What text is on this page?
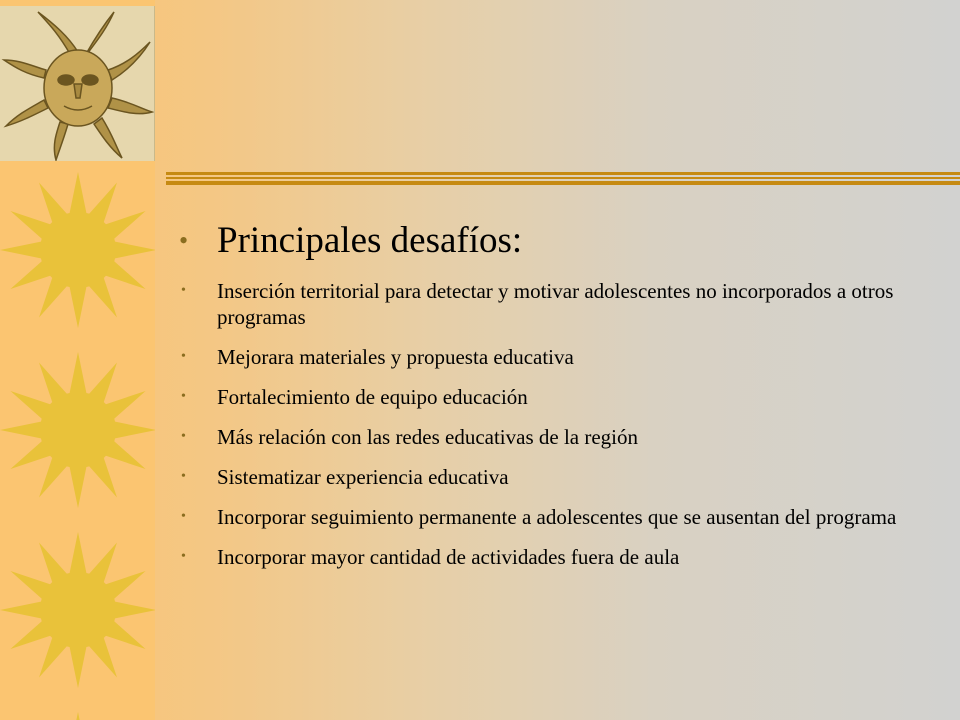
• Principales desafíos:
•	Inserción territorial para detectar y motivar adolescentes no incorporados a otros programas
•	Mejorara materiales y propuesta educativa
•	Fortalecimiento de equipo educación
•	Más relación con las redes educativas de la región
•	Sistematizar experiencia educativa
•	Incorporar seguimiento permanente a adolescentes que se ausentan del programa
•	Incorporar mayor cantidad de actividades fuera de aula
